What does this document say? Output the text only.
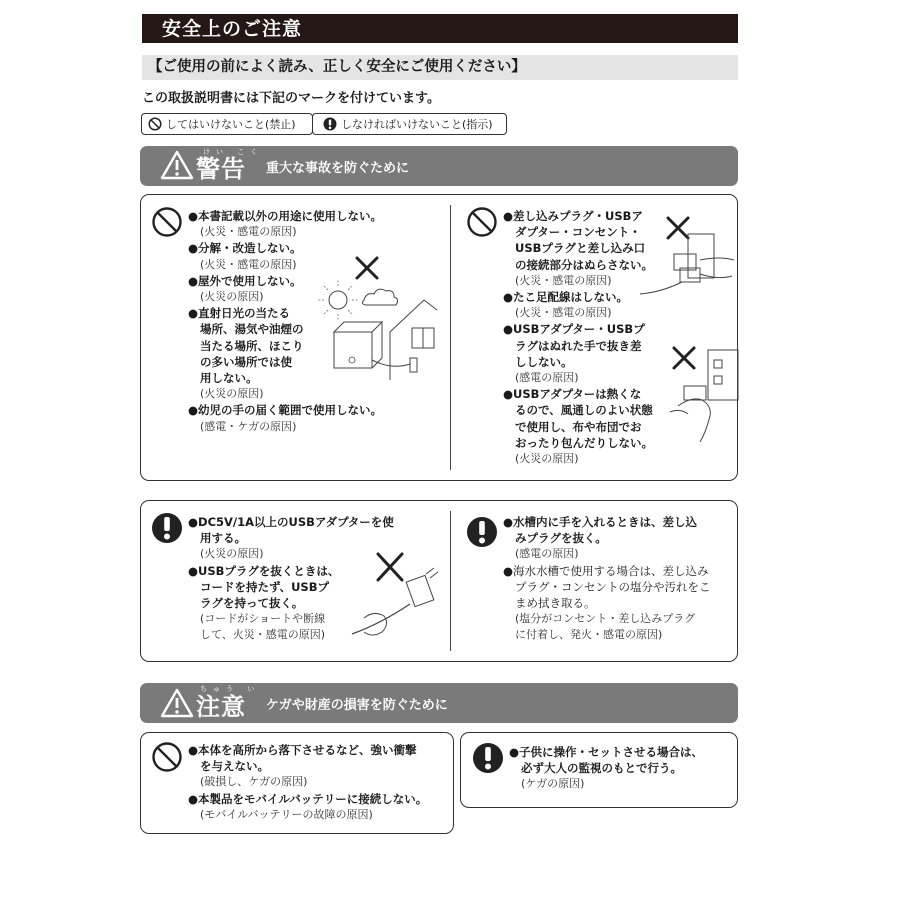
安全上のご注意
【ご使用の前によく読み、正しく安全にご使用ください】
この取扱説明書には下記のマークを付けています。
してはいけないこと(禁止)	しなければいけないこと(指示)
けい こく
警告 重大な事故を防ぐために
●本書記載以外の用途に使用しない。
(火災・感電の原因)
●分解・改造しない。
(火災・感電の原因)
●屋外で使用しない。
(火災の原因)
●直射日光の当たる
場所、湯気や油煙の
当たる場所、ほこり
の多い場所では使
用しない。
(火災の原因)
●幼児の手の届く範囲で使用しない。
(感電・ケガの原因)
●差し込みプラグ・USBア
ダプター・コンセント・
USBプラグと差し込み口
の接続部分はぬらさない。
(火災・感電の原因)
●たこ足配線はしない。
(火災・感電の原因)
●USBアダプター・USBプ
ラグはぬれた手で抜き差
ししない。
(感電の原因)
●USBアダプターは熱くな
るので、風通しのよい状態
で使用し、布や布団でお
おったり包んだりしない。
(火災の原因)
●DC5V/1A以上のUSBアダプターを使
用する。
(火災の原因)
●USBプラグを抜くときは、
コードを持たず、USBプ
ラグを持って抜く。
(コードがショートや断線
して、火災・感電の原因)
●水槽内に手を入れるときは、差し込
みプラグを抜く。
(感電の原因)
●海水水槽で使用する場合は、差し込み
プラグ・コンセントの塩分や汚れをこ
まめ拭き取る。
(塩分がコンセント・差し込みプラグ
に付着し、発火・感電の原因)
ちゅう い
注意 ケガや財産の損害を防ぐために
●本体を高所から落下させるなど、強い衝撃
を与えない。
(破損し、ケガの原因)
●本製品をモバイルバッテリーに接続しない。
(モバイルバッテリーの故障の原因)
●子供に操作・セットさせる場合は、
必ず大人の監視のもとで行う。
(ケガの原因)
